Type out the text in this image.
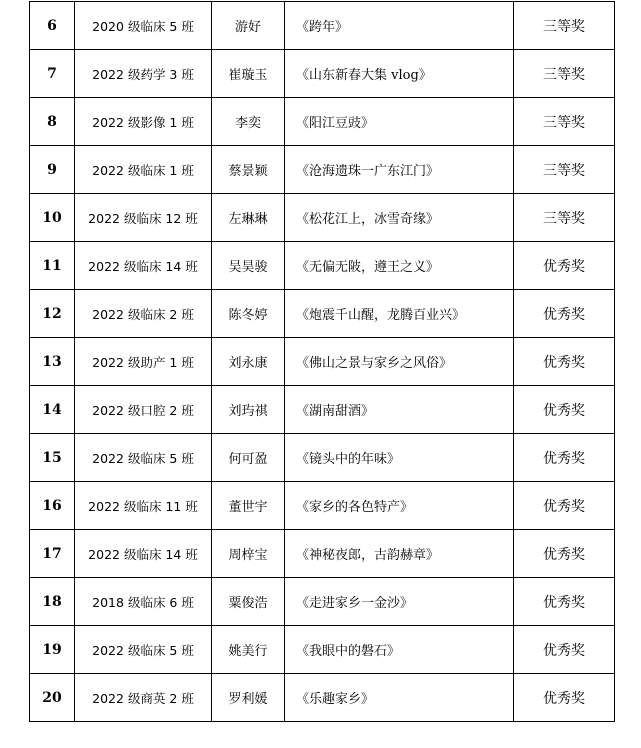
6	2020 级临床 5 班	游好	《跨年》	三等奖
7	2022 级药学 3 班	崔璇玉	《山东新春大集 vlog》	三等奖
8	2022 级影像 1 班	李奕	《阳江豆豉》	三等奖
9	2022 级临床 1 班	蔡景颖	《沧海遗珠一广东江门》	三等奖
10	2022 级临床 12 班	左琳琳	《松花江上，冰雪奇缘》	三等奖
11	2022 级临床 14 班	吴昊骏	《无偏无陂，遵王之义》	优秀奖
12	2022 级临床 2 班	陈冬婷	《炮震千山醒，龙腾百业兴》	优秀奖
13	2022 级助产 1 班	刘永康	《佛山之景与家乡之风俗》	优秀奖
14	2022 级口腔 2 班	刘玙祺	《湖南甜酒》	优秀奖
15	2022 级临床 5 班	何可盈	《镜头中的年味》	优秀奖
16	2022 级临床 11 班	董世宇	《家乡的各色特产》	优秀奖
17	2022 级临床 14 班	周梓宝	《神秘夜郎，古韵赫章》	优秀奖
18	2018 级临床 6 班	粟俊浩	《走进家乡一金沙》	优秀奖
19	2022 级临床 5 班	姚美行	《我眼中的磐石》	优秀奖
20	2022 级商英 2 班	罗利媛	《乐趣家乡》	优秀奖
